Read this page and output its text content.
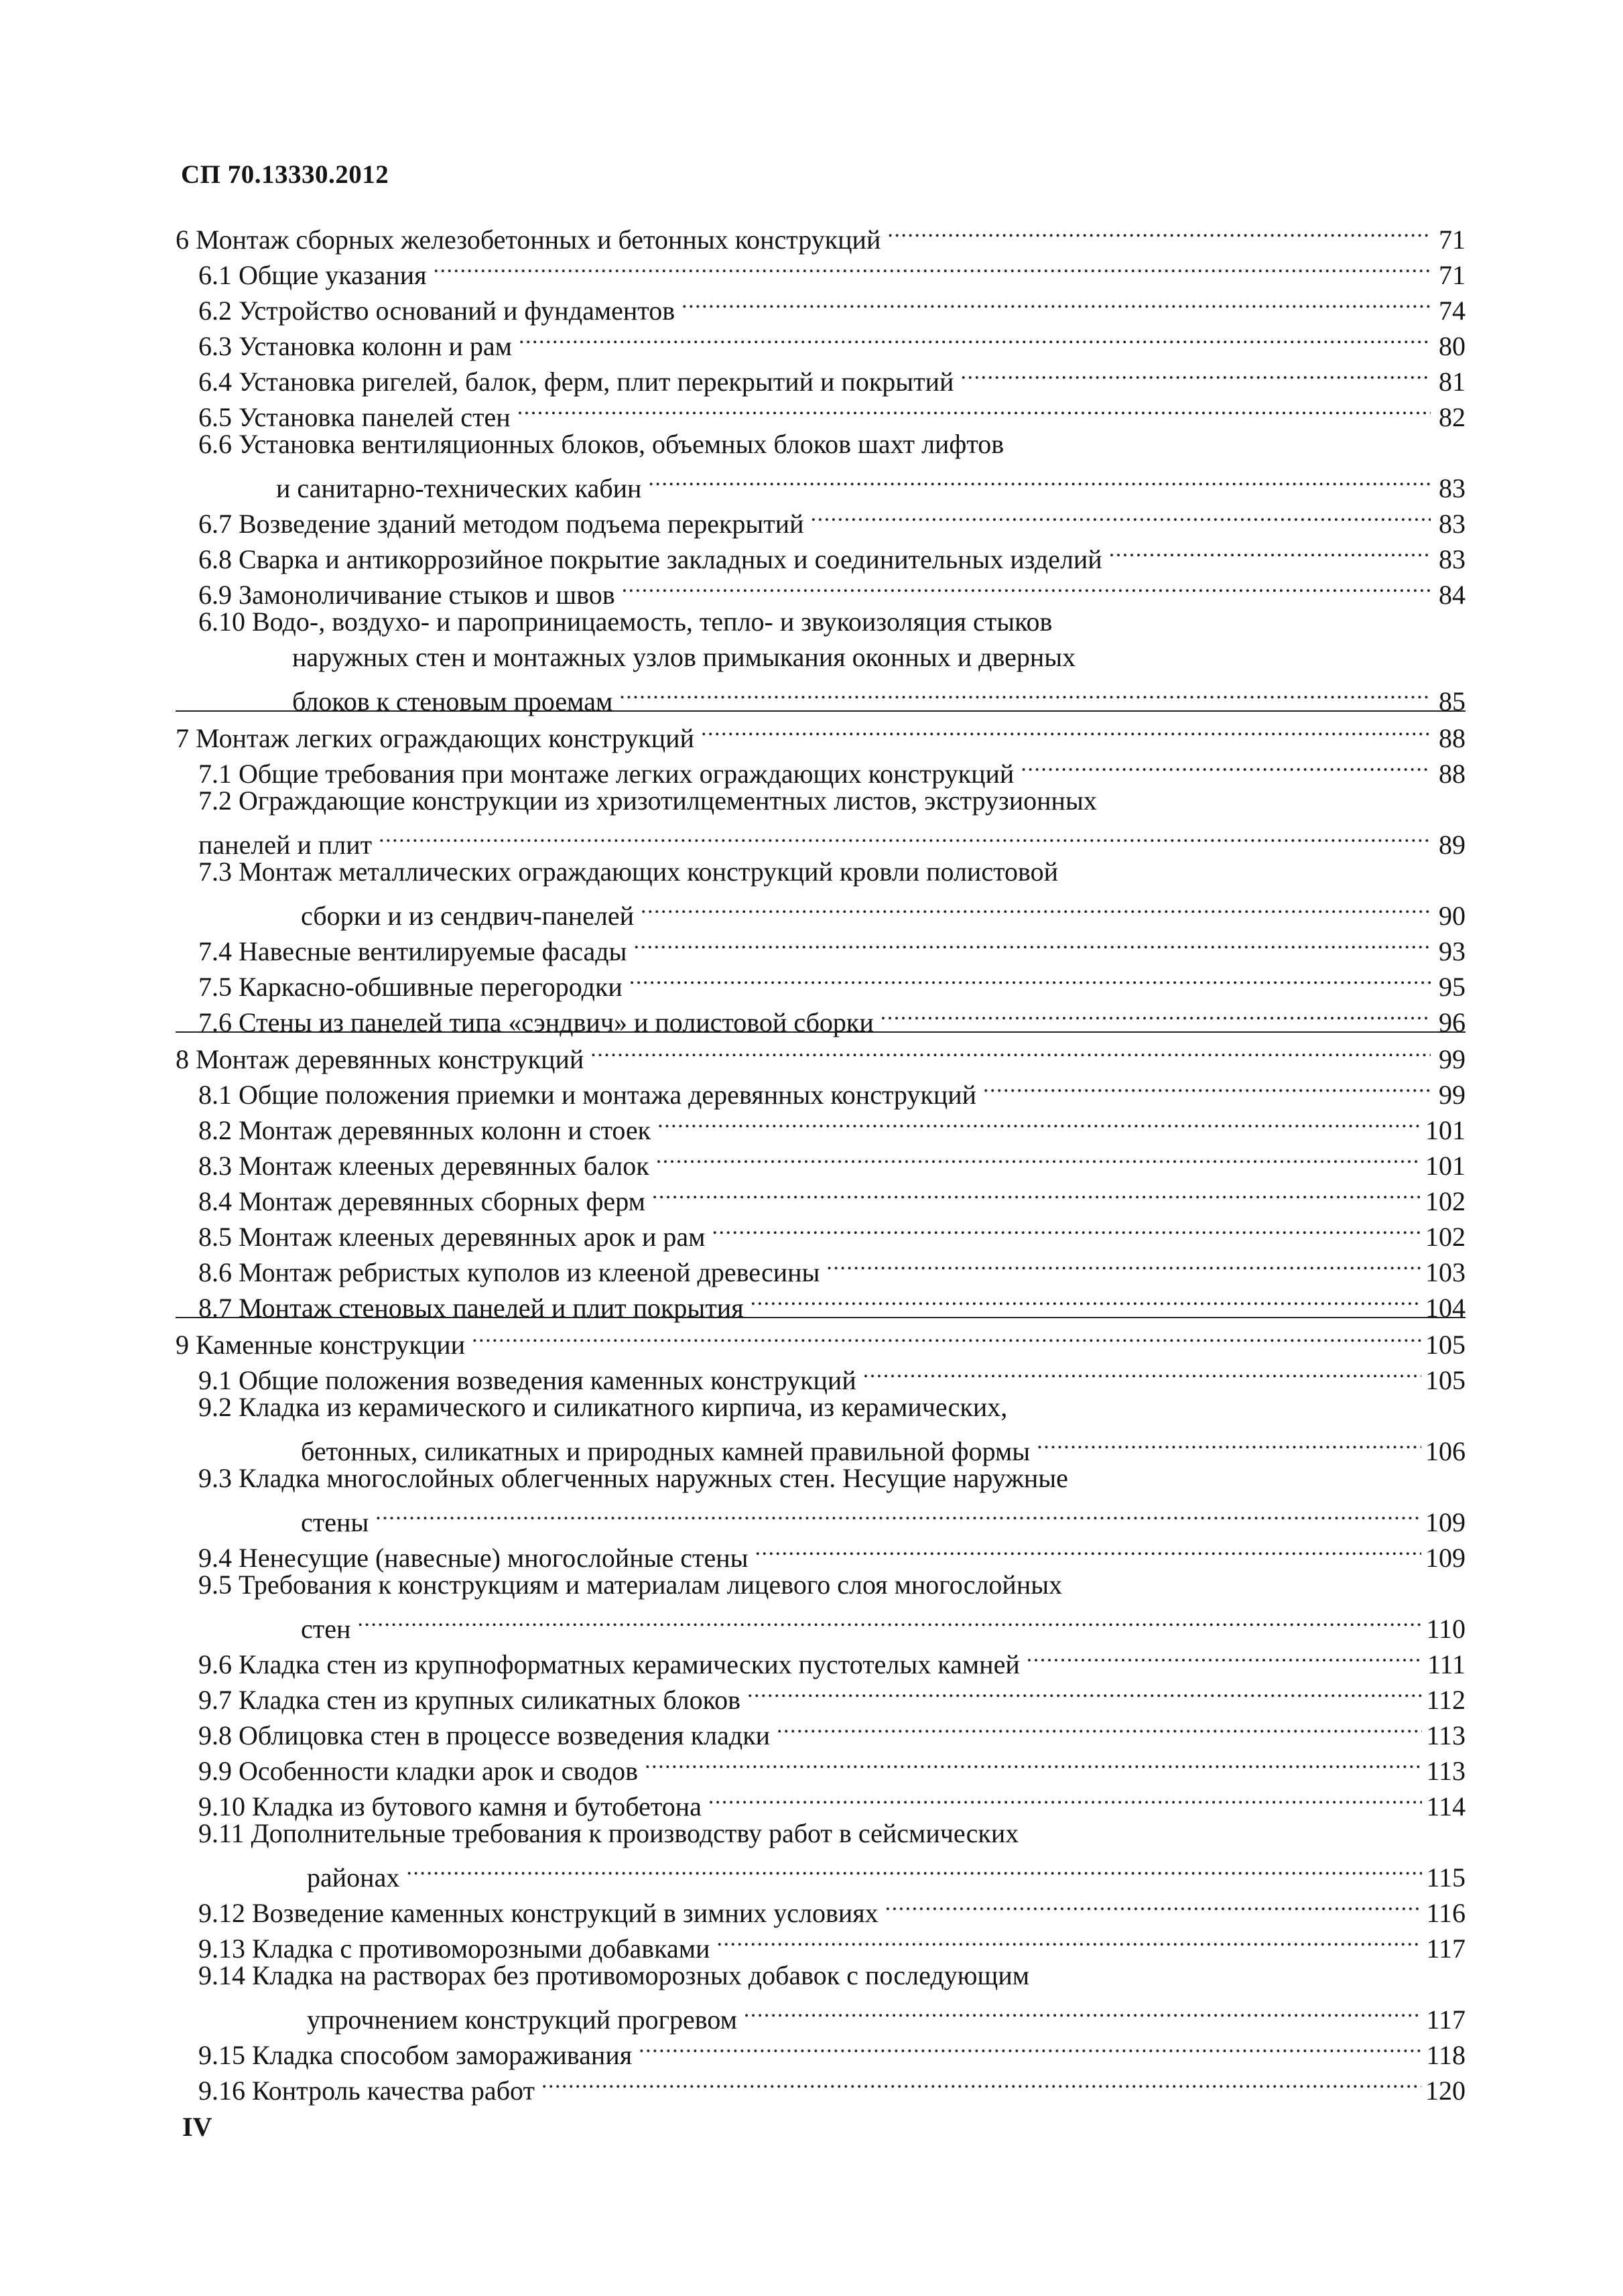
СП 70.13330.2012
6 Монтаж сборных железобетонных и бетонных конструкций .....	71
6.1 Общие указания .....	71
6.2 Устройство оснований и фундаментов .....	74
6.3 Установка колонн и рам .....	80
6.4 Установка ригелей, балок, ферм, плит перекрытий и покрытий .....	81
6.5 Установка панелей стен .....	82
6.6 Установка вентиляционных блоков, объемных блоков шахт лифтов
и санитарно-технических кабин .....	83
6.7 Возведение зданий методом подъема перекрытий .....	83
6.8 Сварка и антикоррозийное покрытие закладных и соединительных изделий .....	83
6.9 Замоноличивание стыков и швов .....	84
6.10 Водо-, воздухо- и пароприницаемость, тепло- и звукоизоляция стыков
наружных стен и монтажных узлов примыкания оконных и дверных
блоков к стеновым проемам .....	85
7 Монтаж легких ограждающих конструкций .....	88
7.1 Общие требования при монтаже легких ограждающих конструкций .....	88
7.2 Ограждающие конструкции из хризотилцементных листов, экструзионных
панелей и плит .....	89
7.3 Монтаж металлических ограждающих конструкций кровли полистовой
сборки и из сендвич-панелей .....	90
7.4 Навесные вентилируемые фасады .....	93
7.5 Каркасно-обшивные перегородки .....	95
7.6 Стены из панелей типа «сэндвич» и полистовой сборки .....	96
8 Монтаж деревянных конструкций .....	99
8.1 Общие положения приемки и монтажа деревянных конструкций .....	99
8.2 Монтаж деревянных колонн и стоек .....	101
8.3 Монтаж клееных деревянных балок .....	101
8.4 Монтаж деревянных сборных ферм .....	102
8.5 Монтаж клееных деревянных арок и рам .....	102
8.6 Монтаж ребристых куполов из клееной древесины .....	103
8.7 Монтаж стеновых панелей и плит покрытия .....	104
9 Каменные конструкции .....	105
9.1 Общие положения возведения каменных конструкций .....	105
9.2 Кладка из керамического и силикатного кирпича, из керамических,
бетонных, силикатных и природных камней правильной формы .....	106
9.3 Кладка многослойных облегченных наружных стен. Несущие наружные
стены .....	109
9.4 Ненесущие (навесные) многослойные стены .....	109
9.5 Требования к конструкциям и материалам лицевого слоя многослойных
стен .....	110
9.6 Кладка стен из крупноформатных керамических пустотелых камней .....	111
9.7 Кладка стен из крупных силикатных блоков .....	112
9.8 Облицовка стен в процессе возведения кладки .....	113
9.9 Особенности кладки арок и сводов .....	113
9.10 Кладка из бутового камня и бутобетона .....	114
9.11 Дополнительные требования к производству работ в сейсмических
районах .....	115
9.12 Возведение каменных конструкций в зимних условиях .....	116
9.13 Кладка с противоморозными добавками .....	117
9.14 Кладка на растворах без противоморозных добавок с последующим
упрочнением конструкций прогревом .....	117
9.15 Кладка способом замораживания .....	118
9.16 Контроль качества работ .....	120
IV
